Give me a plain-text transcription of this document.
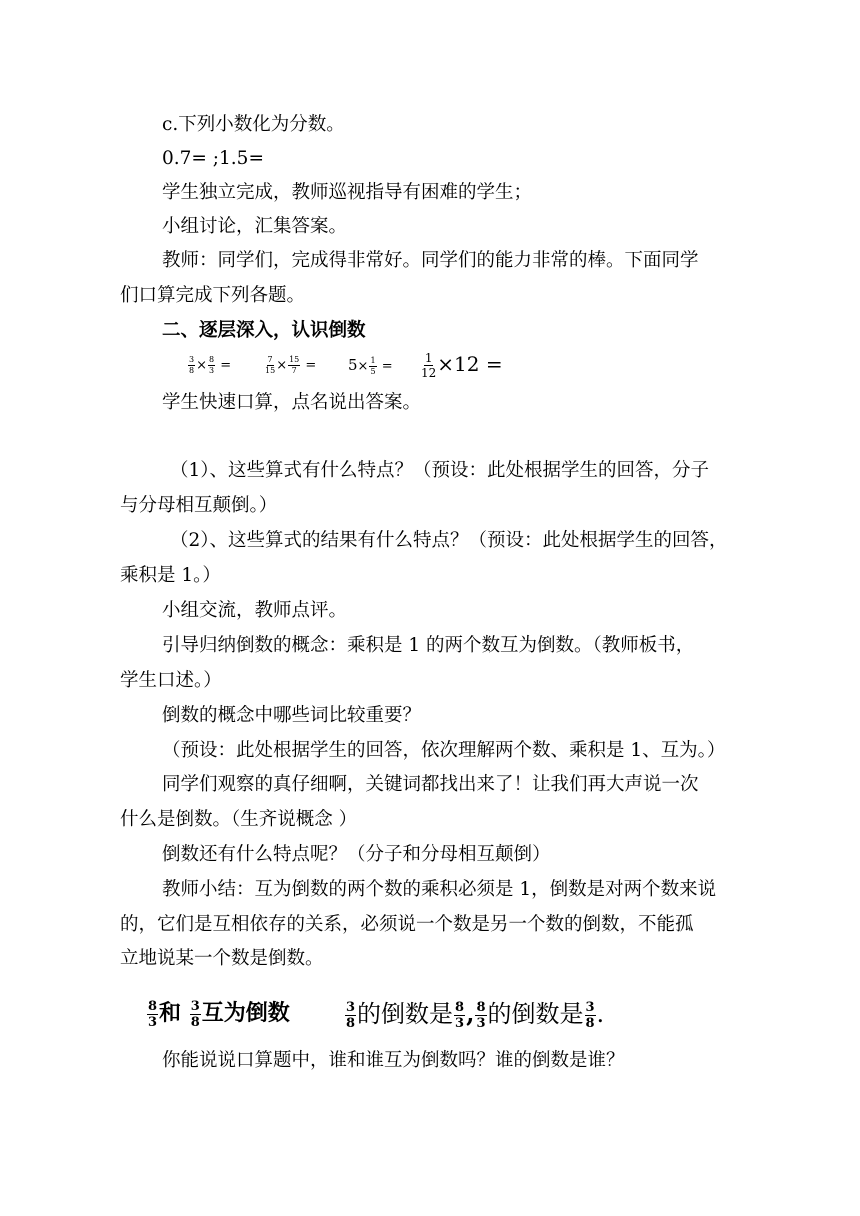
c.下列小数化为分数。
0.7= ;1.5=
学生独立完成，教师巡视指导有困难的学生；
小组讨论，汇集答案。
教师：同学们，完成得非常好。同学们的能力非常的棒。下面同学
们口算完成下列各题。
二、逐层深入，认识倒数
$\frac{3}{8} \times \frac{8}{3}$ =	$\frac{7}{15} \times \frac{15}{7} = 5\times \frac{1}{5} = \frac{1}{12} \times 12$ =
学生快速口算，点名说出答案。
（1）、这些算式有什么特点？（预设：此处根据学生的回答，分子
与分母相互颠倒。）
（2）、这些算式的结果有什么特点？（预设：此处根据学生的回答，
乘积是 1。）
小组交流，教师点评。
引导归纳倒数的概念：乘积是 1 的两个数互为倒数。（教师板书，
学生口述。）
倒数的概念中哪些词比较重要？
（预设：此处根据学生的回答，依次理解两个数、乘积是 1、互为。）
同学们观察的真仔细啊，关键词都找出来了！让我们再大声说一次
什么是倒数。（生齐说概念 ）
倒数还有什么特点呢？（分子和分母相互颠倒）
教师小结：互为倒数的两个数的乘积必须是 1，倒数是对两个数来说
的，它们是互相依存的关系，必须说一个数是另一个数的倒数，不能孤
立地说某一个数是倒数。
$\frac{8}{3}$ 和 $\frac{3}{8}$ 互为倒数	$\frac{3}{8}$ 的倒数是 $\frac{8}{3}$ , $\frac{8}{3}$ 的倒数是 $\frac{3}{8}$ .
你能说说口算题中，谁和谁互为倒数吗？谁的倒数是谁？
